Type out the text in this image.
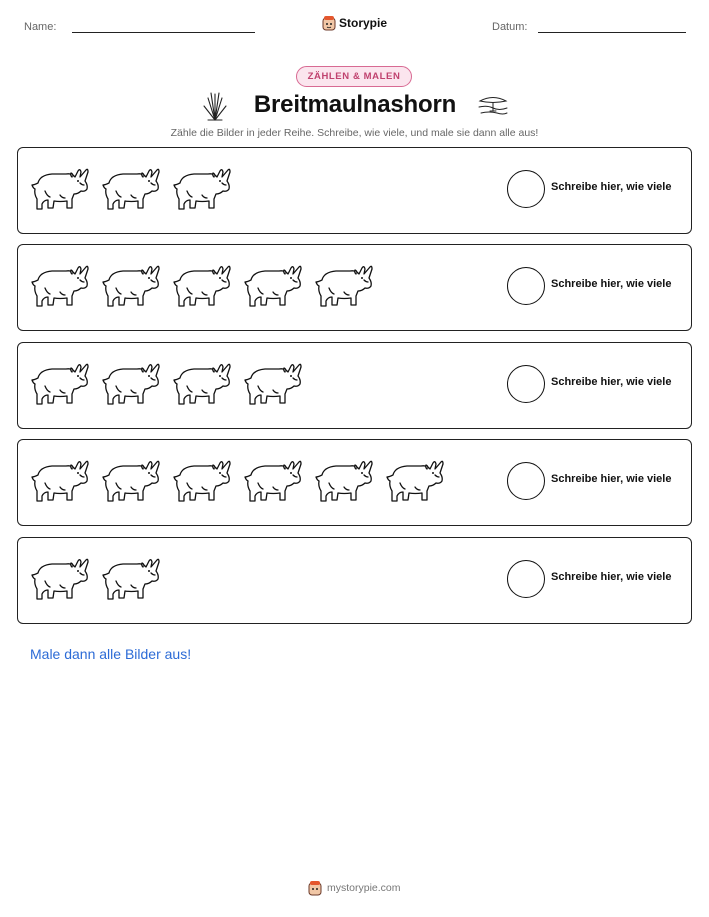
Name:	Storypie	Datum:
ZÄHLEN & MALEN
Breitmaulnashorn
Zähle die Bilder in jeder Reihe. Schreibe, wie viele, und male sie dann alle aus!
Schreibe hier, wie viele
Schreibe hier, wie viele
Schreibe hier, wie viele
Schreibe hier, wie viele
Schreibe hier, wie viele
Male dann alle Bilder aus!
mystorypie.com
